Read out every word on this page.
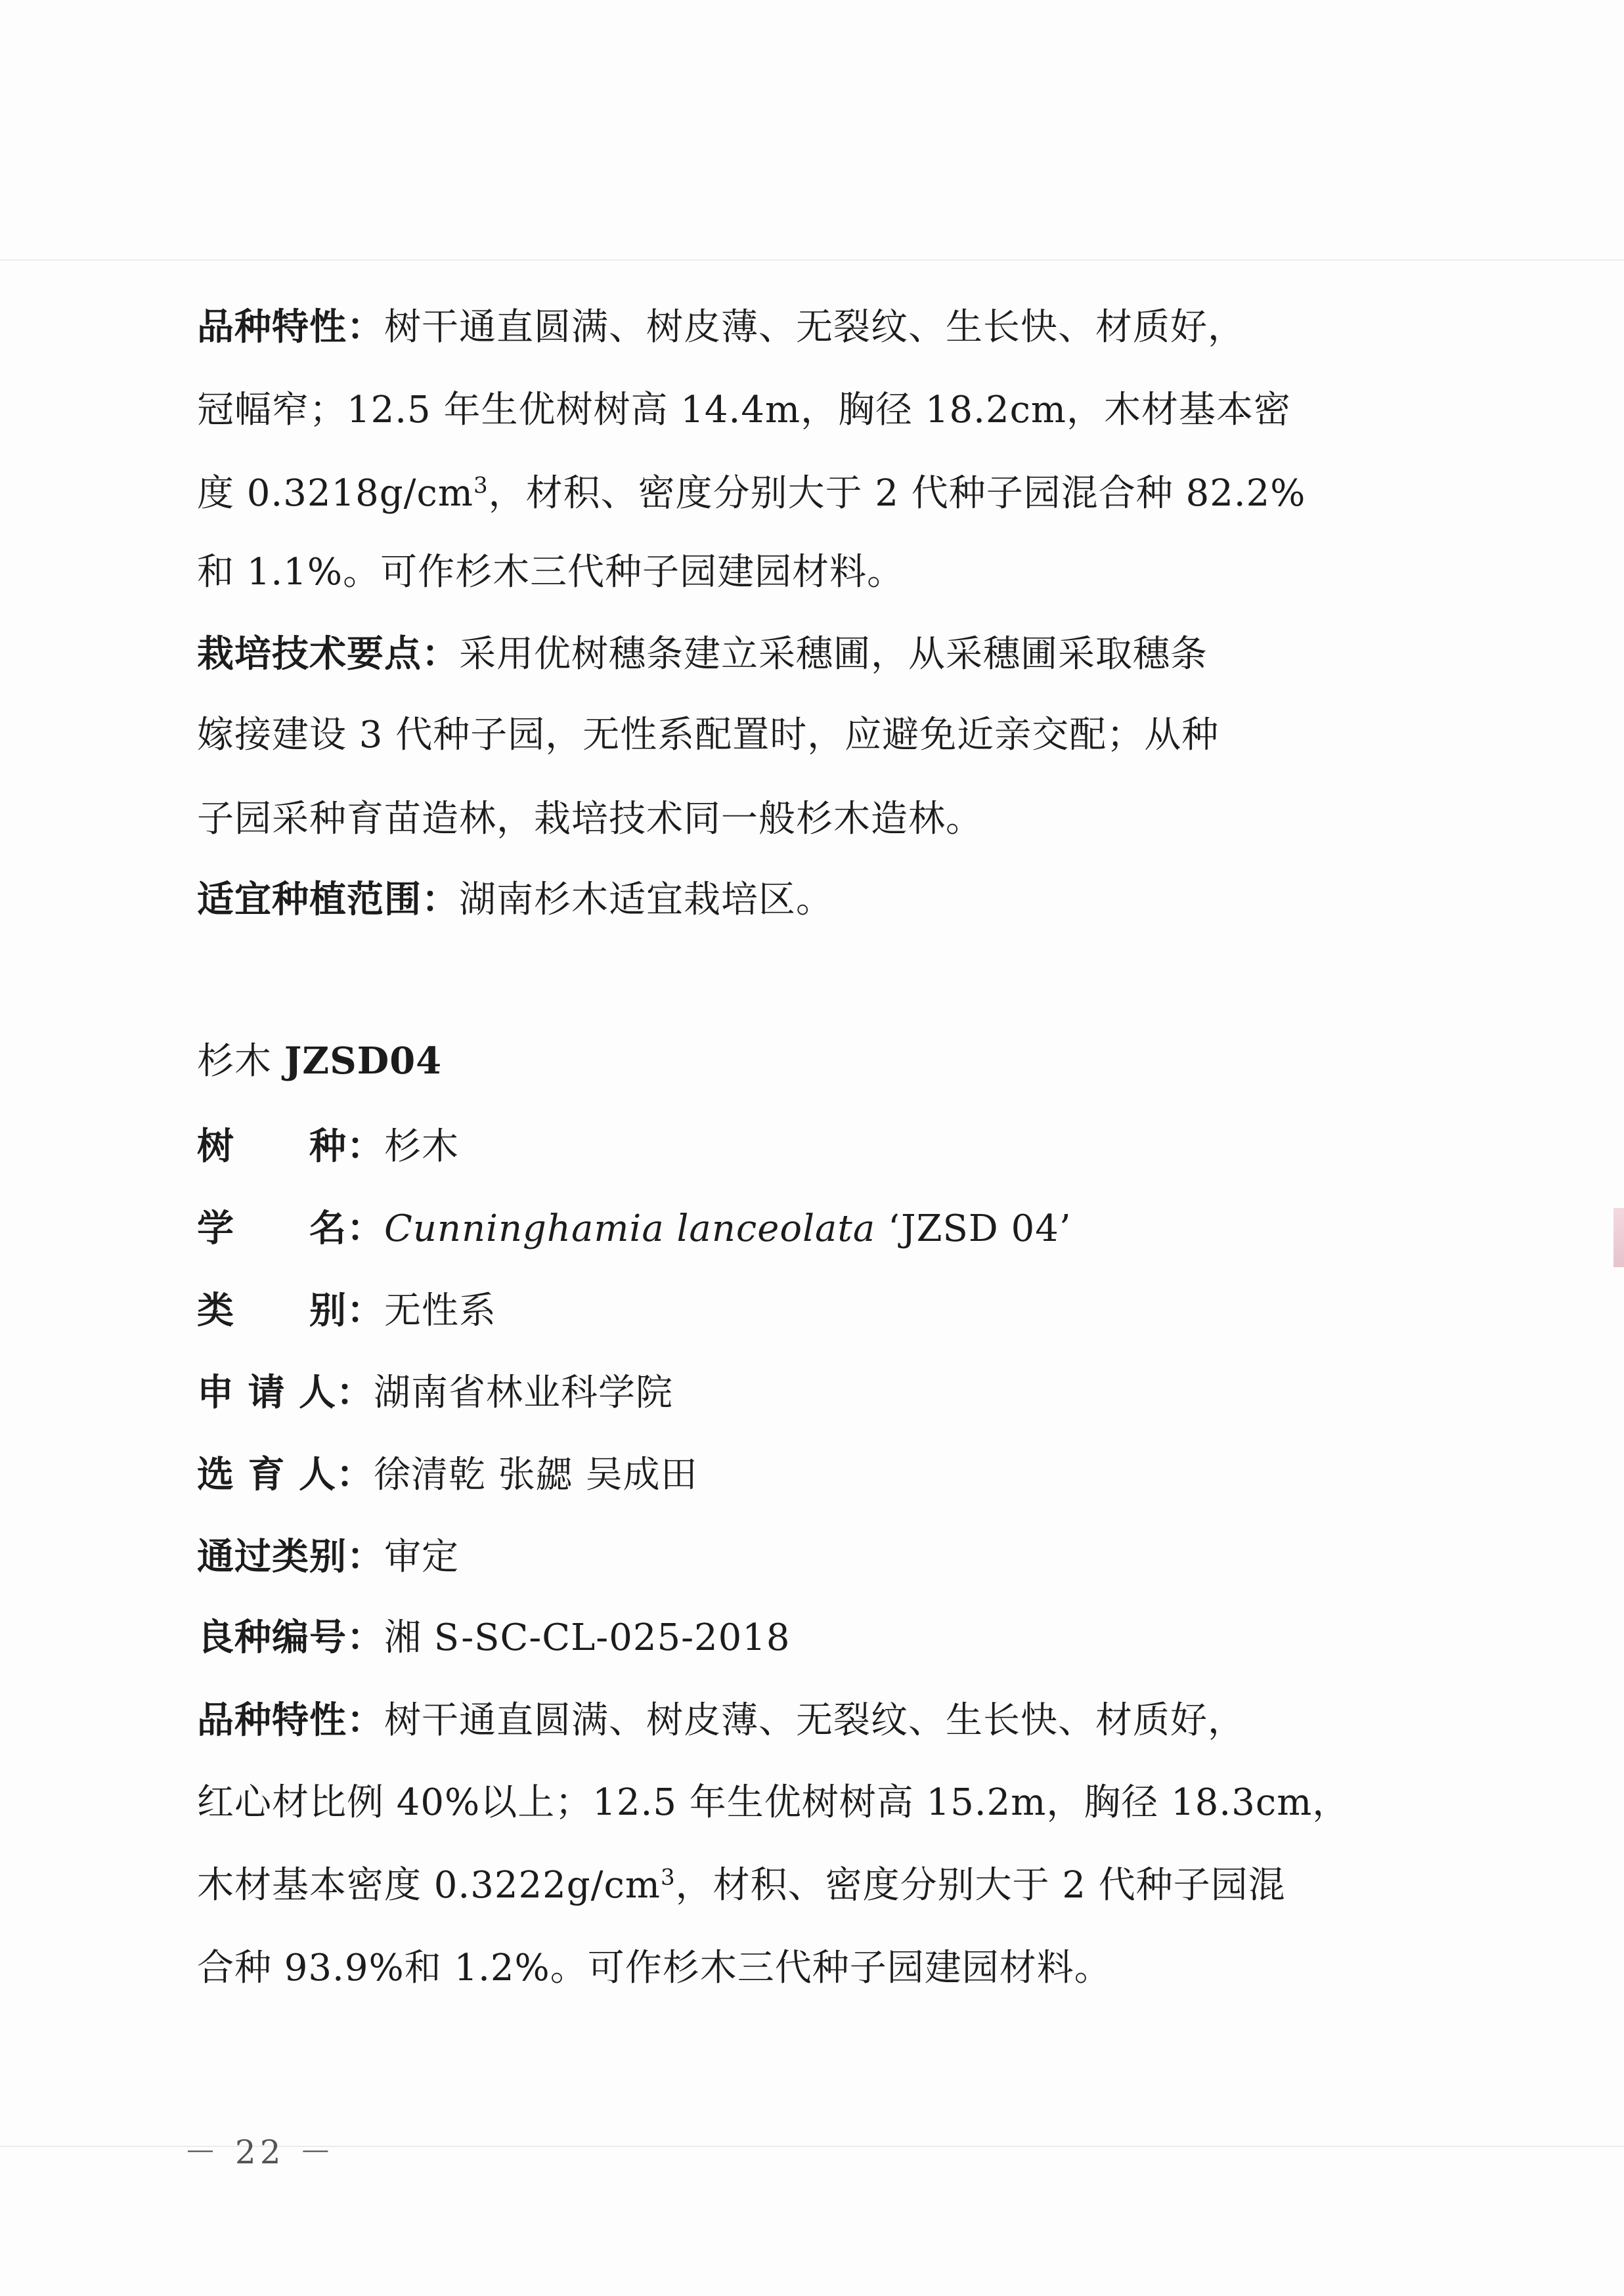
品种特性：树干通直圆满、树皮薄、无裂纹、生长快、材质好，
冠幅窄；12.5 年生优树树高 14.4m，胸径 18.2cm，木材基本密
度 $0.3218g/cm^3$，材积、密度分别大于 2 代种子园混合种 82.2%
和 1.1%。可作杉木三代种子园建园材料。
栽培技术要点：采用优树穗条建立采穗圃，从采穗圃采取穗条
嫁接建设 3 代种子园，无性系配置时，应避免近亲交配；从种
子园采种育苗造林，栽培技术同一般杉木造林。
适宜种植范围：湖南杉木适宜栽培区。
杉木 JZSD04
树　　种：杉木
学　　名：Cunninghamia lanceolata ‘JZSD 04’
类　　别：无性系
申 请 人：湖南省林业科学院
选 育 人：徐清乾 张勰 吴成田
通过类别：审定
良种编号：湘 S-SC-CL-025-2018
品种特性：树干通直圆满、树皮薄、无裂纹、生长快、材质好，
红心材比例 40%以上；12.5 年生优树树高 15.2m，胸径 18.3cm，
木材基本密度 $0.3222g/cm^3$，材积、密度分别大于 2 代种子园混
合种 93.9%和 1.2%。可作杉木三代种子园建园材料。
－ 22 －
